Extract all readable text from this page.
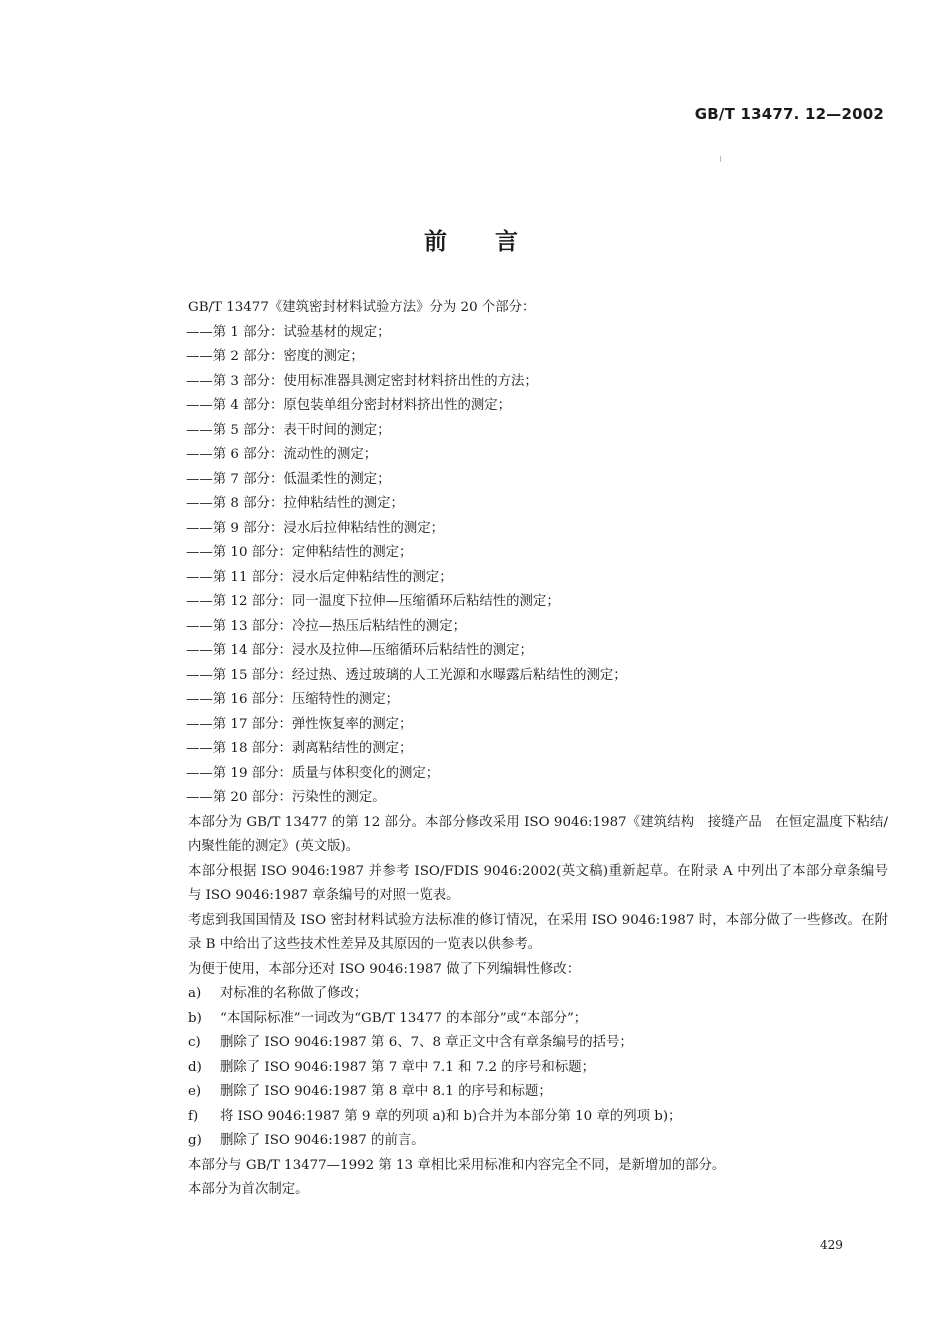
GB/T 13477. 12—2002
前言
GB/T 13477《建筑密封材料试验方法》分为 20 个部分：
——第 1 部分：试验基材的规定；
——第 2 部分：密度的测定；
——第 3 部分：使用标准器具测定密封材料挤出性的方法；
——第 4 部分：原包装单组分密封材料挤出性的测定；
——第 5 部分：表干时间的测定；
——第 6 部分：流动性的测定；
——第 7 部分：低温柔性的测定；
——第 8 部分：拉伸粘结性的测定；
——第 9 部分：浸水后拉伸粘结性的测定；
——第 10 部分：定伸粘结性的测定；
——第 11 部分：浸水后定伸粘结性的测定；
——第 12 部分：同一温度下拉伸—压缩循环后粘结性的测定；
——第 13 部分：冷拉—热压后粘结性的测定；
——第 14 部分：浸水及拉伸—压缩循环后粘结性的测定；
——第 15 部分：经过热、透过玻璃的人工光源和水曝露后粘结性的测定；
——第 16 部分：压缩特性的测定；
——第 17 部分：弹性恢复率的测定；
——第 18 部分：剥离粘结性的测定；
——第 19 部分：质量与体积变化的测定；
——第 20 部分：污染性的测定。
本部分为 GB/T 13477 的第 12 部分。本部分修改采用 ISO 9046:1987《建筑结构　接缝产品　在恒定温度下粘结/内聚性能的测定》(英文版)。
本部分根据 ISO 9046:1987 并参考 ISO/FDIS 9046:2002(英文稿)重新起草。在附录 A 中列出了本部分章条编号与 ISO 9046:1987 章条编号的对照一览表。
考虑到我国国情及 ISO 密封材料试验方法标准的修订情况，在采用 ISO 9046:1987 时，本部分做了一些修改。在附录 B 中给出了这些技术性差异及其原因的一览表以供参考。
为便于使用，本部分还对 ISO 9046:1987 做了下列编辑性修改：
a) 对标准的名称做了修改；
b) “本国际标准”一词改为“GB/T 13477 的本部分”或“本部分”；
c) 删除了 ISO 9046:1987 第 6、7、8 章正文中含有章条编号的括号；
d) 删除了 ISO 9046:1987 第 7 章中 7.1 和 7.2 的序号和标题；
e) 删除了 ISO 9046:1987 第 8 章中 8.1 的序号和标题；
f) 将 ISO 9046:1987 第 9 章的列项 a)和 b)合并为本部分第 10 章的列项 b)；
g) 删除了 ISO 9046:1987 的前言。
本部分与 GB/T 13477—1992 第 13 章相比采用标准和内容完全不同，是新增加的部分。
本部分为首次制定。
429
